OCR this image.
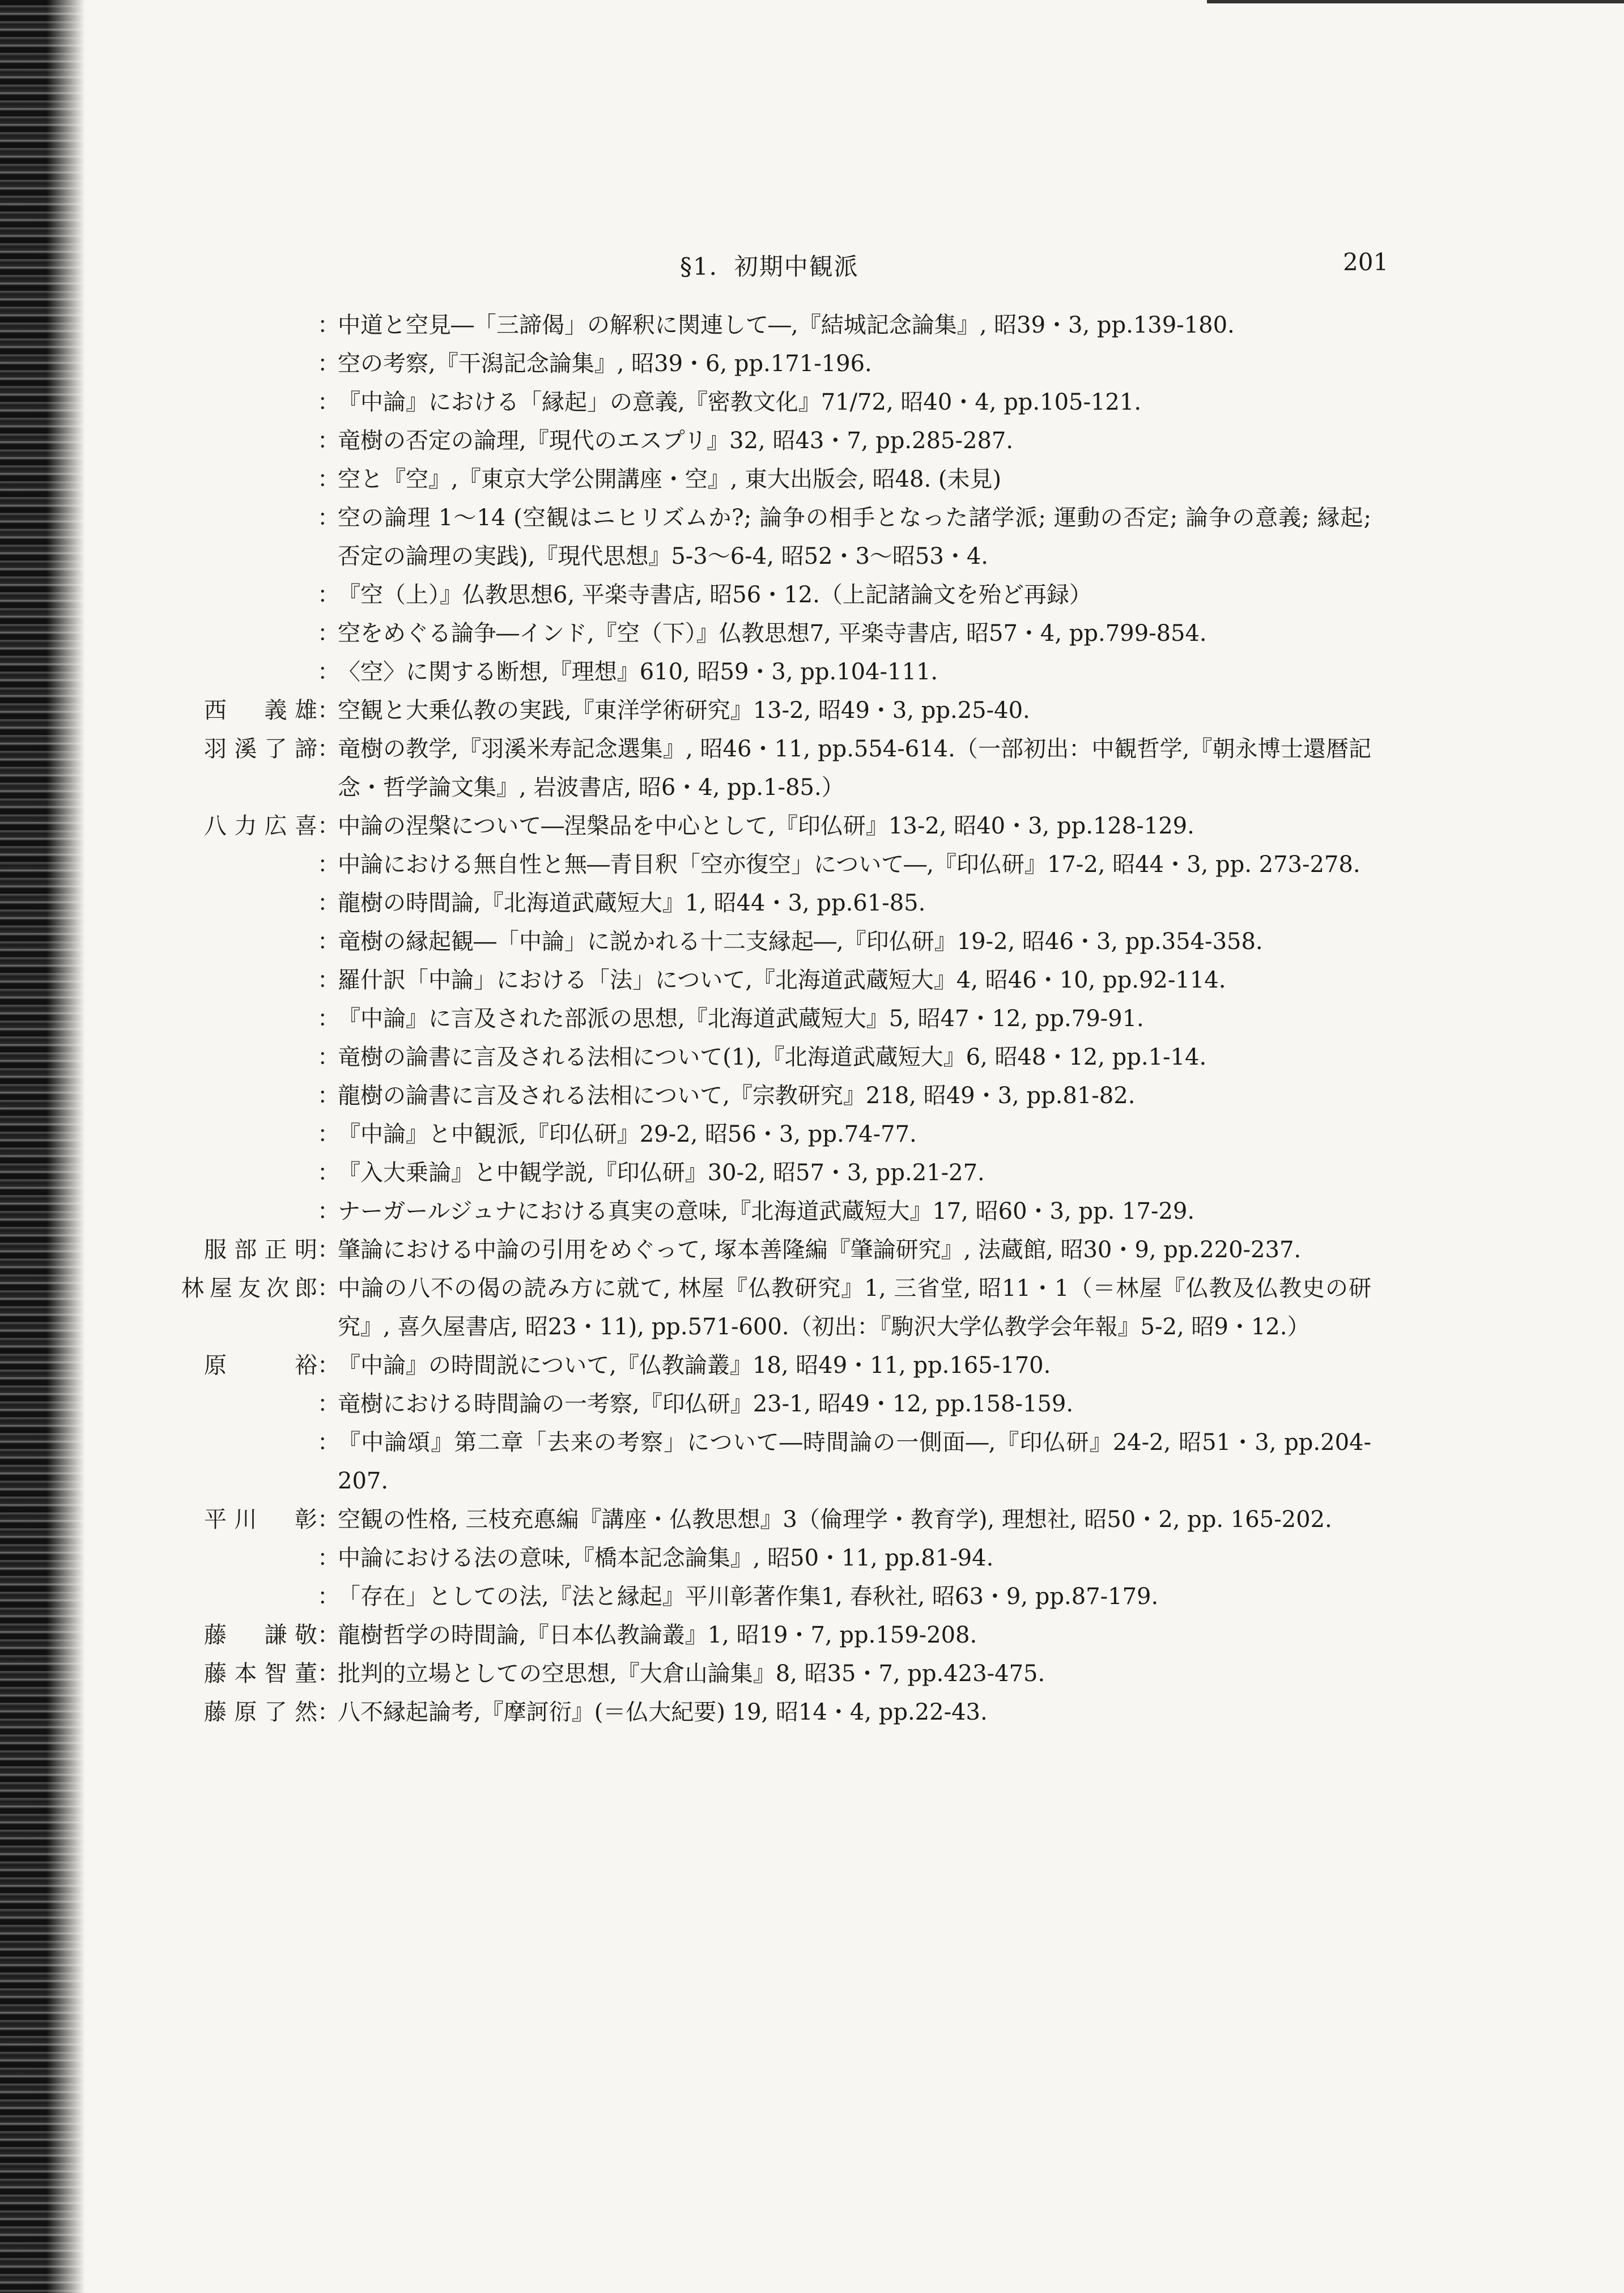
§1．初期中観派	201
：
中道と空見―「三諦偈」の解釈に関連して―,『結城記念論集』, 昭39・3, pp.139-180.
：
空の考察,『干潟記念論集』, 昭39・6, pp.171-196.
：
『中論』における「縁起」の意義,『密教文化』71/72, 昭40・4, pp.105-121.
：
竜樹の否定の論理,『現代のエスプリ』32, 昭43・7, pp.285-287.
：
空と『空』,『東京大学公開講座・空』, 東大出版会, 昭48. (未見)
：
空の論理 1～14 (空観はニヒリズムか?; 論争の相手となった諸学派; 運動の否定; 論争の意義; 縁起; 否定の論理の実践),『現代思想』5-3～6-4, 昭52・3～昭53・4.
：
『空（上）』仏教思想6, 平楽寺書店, 昭56・12.（上記諸論文を殆ど再録）
：
空をめぐる論争―インド,『空（下）』仏教思想7, 平楽寺書店, 昭57・4, pp.799-854.
：
〈空〉に関する断想,『理想』610, 昭59・3, pp.104-111.
西　義雄 ：
空観と大乗仏教の実践,『東洋学術研究』13-2, 昭49・3, pp.25-40.
羽溪了諦 ：
竜樹の教学,『羽溪米寿記念選集』, 昭46・11, pp.554-614.（一部初出：中観哲学,『朝永博士還暦記念・哲学論文集』, 岩波書店, 昭6・4, pp.1-85.）
八力広喜 ：
中論の涅槃について―涅槃品を中心として,『印仏研』13-2, 昭40・3, pp.128-129.
：
中論における無自性と無―青目釈「空亦復空」について―,『印仏研』17-2, 昭44・3, pp. 273-278.
：
龍樹の時間論,『北海道武蔵短大』1, 昭44・3, pp.61-85.
：
竜樹の縁起観―「中論」に説かれる十二支縁起―,『印仏研』19-2, 昭46・3, pp.354-358.
：
羅什訳「中論」における「法」について,『北海道武蔵短大』4, 昭46・10, pp.92-114.
：
『中論』に言及された部派の思想,『北海道武蔵短大』5, 昭47・12, pp.79-91.
：
竜樹の論書に言及される法相について(1),『北海道武蔵短大』6, 昭48・12, pp.1-14.
：
龍樹の論書に言及される法相について,『宗教研究』218, 昭49・3, pp.81-82.
：
『中論』と中観派,『印仏研』29-2, 昭56・3, pp.74-77.
：
『入大乗論』と中観学説,『印仏研』30-2, 昭57・3, pp.21-27.
：
ナーガールジュナにおける真実の意味,『北海道武蔵短大』17, 昭60・3, pp. 17-29.
服部正明 ：
肇論における中論の引用をめぐって, 塚本善隆編『肇論研究』, 法蔵館, 昭30・9, pp.220-237.
林屋友次郎 ：
中論の八不の偈の読み方に就て, 林屋『仏教研究』1, 三省堂, 昭11・1（＝林屋『仏教及仏教史の研究』, 喜久屋書店, 昭23・11), pp.571-600.（初出：『駒沢大学仏教学会年報』5-2, 昭9・12.）
原　裕 ：
『中論』の時間説について,『仏教論叢』18, 昭49・11, pp.165-170.
：
竜樹における時間論の一考察,『印仏研』23-1, 昭49・12, pp.158-159.
：
『中論頌』第二章「去来の考察」について―時間論の一側面―,『印仏研』24-2, 昭51・3, pp.204-207.
平川　彰 ：
空観の性格, 三枝充悳編『講座・仏教思想』3（倫理学・教育学), 理想社, 昭50・2, pp. 165-202.
：
中論における法の意味,『橋本記念論集』, 昭50・11, pp.81-94.
：
「存在」としての法,『法と縁起』平川彰著作集1, 春秋社, 昭63・9, pp.87-179.
藤　謙敬 ：
龍樹哲学の時間論,『日本仏教論叢』1, 昭19・7, pp.159-208.
藤本智董 ：
批判的立場としての空思想,『大倉山論集』8, 昭35・7, pp.423-475.
藤原了然 ：
八不縁起論考,『摩訶衍』(＝仏大紀要) 19, 昭14・4, pp.22-43.
